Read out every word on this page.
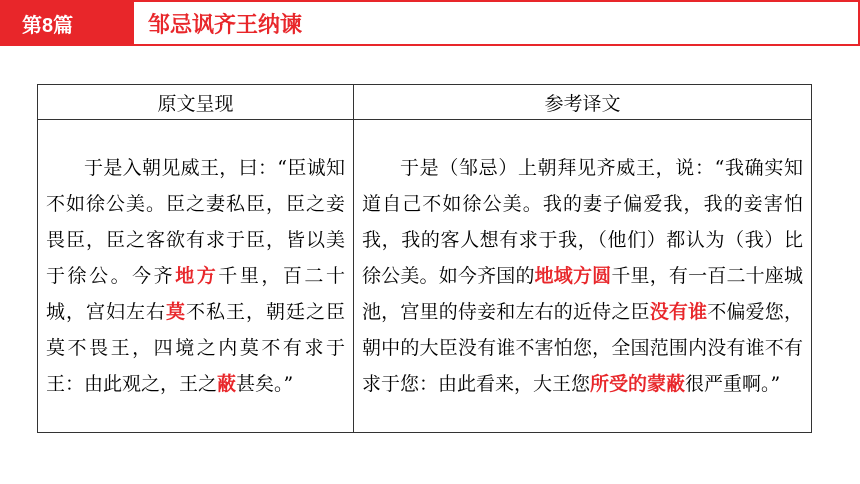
第8篇	邹忌讽齐王纳谏
原文呈现	参考译文

于是入朝见威王，曰：“臣诚知不如徐公美。臣之妻私臣，臣之妾畏臣，臣之客欲有求于臣，皆以美于徐公。今齐地方千里，百二十城，宫妇左右莫不私王，朝廷之臣莫不畏王，四境之内莫不有求于王：由此观之，王之蔽甚矣。”	于是（邹忌）上朝拜见齐威王，说：“我确实知道自己不如徐公美。我的妻子偏爱我，我的妾害怕我，我的客人想有求于我，（他们）都认为（我）比徐公美。如今齐国的地域方圆千里，有一百二十座城池，宫里的侍妾和左右的近侍之臣没有谁不偏爱您，朝中的大臣没有谁不害怕您，全国范围内没有谁不有求于您：由此看来，大王您所受的蒙蔽很严重啊。”
